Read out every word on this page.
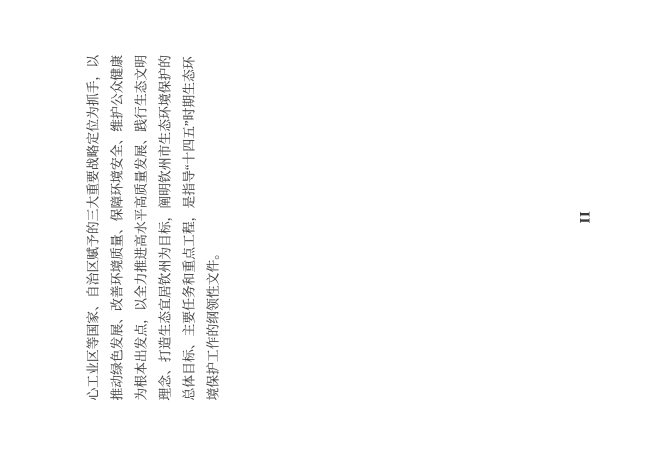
心工业区等国家、自治区赋予的三大重要战略定位为抓手，以 推动绿色发展、改善环境质量、保障环境安全、维护公众健康 为根本出发点，以全力推进高水平高质量发展、践行生态文明 理念、打造生态宜居钦州为目标，阐明钦州市生态环境保护的 总体目标、主要任务和重点工程，是指导“十四五”时期生态环 境保护工作的纲领性文件。
II
